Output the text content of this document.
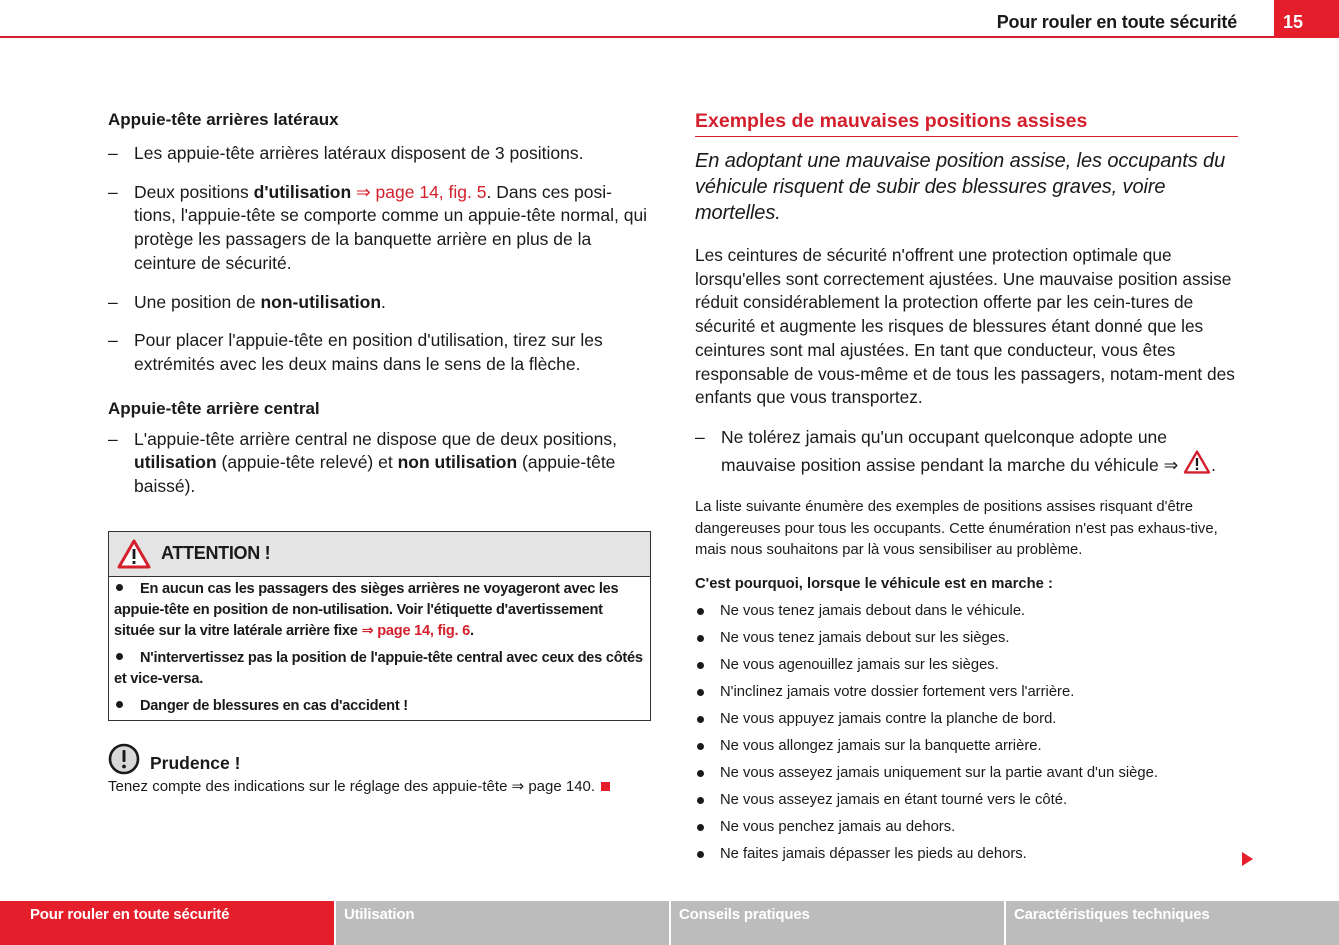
Pour rouler en toute sécurité	15
Appuie-tête arrières latéraux
– Les appuie-tête arrières latéraux disposent de 3 positions.
– Deux positions d'utilisation ⇒ page 14, fig. 5. Dans ces posi-tions, l'appuie-tête se comporte comme un appuie-tête normal, qui protège les passagers de la banquette arrière en plus de la ceinture de sécurité.
– Une position de non-utilisation.
– Pour placer l'appuie-tête en position d'utilisation, tirez sur les extrémités avec les deux mains dans le sens de la flèche.
Appuie-tête arrière central
– L'appuie-tête arrière central ne dispose que de deux positions, utilisation (appuie-tête relevé) et non utilisation (appuie-tête baissé).
ATTENTION !
En aucun cas les passagers des sièges arrières ne voyageront avec les appuie-tête en position de non-utilisation. Voir l'étiquette d'avertissement située sur la vitre latérale arrière fixe ⇒ page 14, fig. 6.
N'intervertissez pas la position de l'appuie-tête central avec ceux des côtés et vice-versa.
Danger de blessures en cas d'accident !
Prudence !
Tenez compte des indications sur le réglage des appuie-tête ⇒ page 140.
Exemples de mauvaises positions assises
En adoptant une mauvaise position assise, les occupants du véhicule risquent de subir des blessures graves, voire mortelles.
Les ceintures de sécurité n'offrent une protection optimale que lorsqu'elles sont correctement ajustées. Une mauvaise position assise réduit considérablement la protection offerte par les cein-tures de sécurité et augmente les risques de blessures étant donné que les ceintures sont mal ajustées. En tant que conducteur, vous êtes responsable de vous-même et de tous les passagers, notam-ment des enfants que vous transportez.
– Ne tolérez jamais qu'un occupant quelconque adopte une mauvaise position assise pendant la marche du véhicule ⇒ .
La liste suivante énumère des exemples de positions assises risquant d'être dangereuses pour tous les occupants. Cette énumération n'est pas exhaus-tive, mais nous souhaitons par là vous sensibiliser au problème.
C'est pourquoi, lorsque le véhicule est en marche :
Ne vous tenez jamais debout dans le véhicule.
Ne vous tenez jamais debout sur les sièges.
Ne vous agenouillez jamais sur les sièges.
N'inclinez jamais votre dossier fortement vers l'arrière.
Ne vous appuyez jamais contre la planche de bord.
Ne vous allongez jamais sur la banquette arrière.
Ne vous asseyez jamais uniquement sur la partie avant d'un siège.
Ne vous asseyez jamais en étant tourné vers le côté.
Ne vous penchez jamais au dehors.
Ne faites jamais dépasser les pieds au dehors.
Pour rouler en toute sécurité	Utilisation	Conseils pratiques	Caractéristiques techniques
